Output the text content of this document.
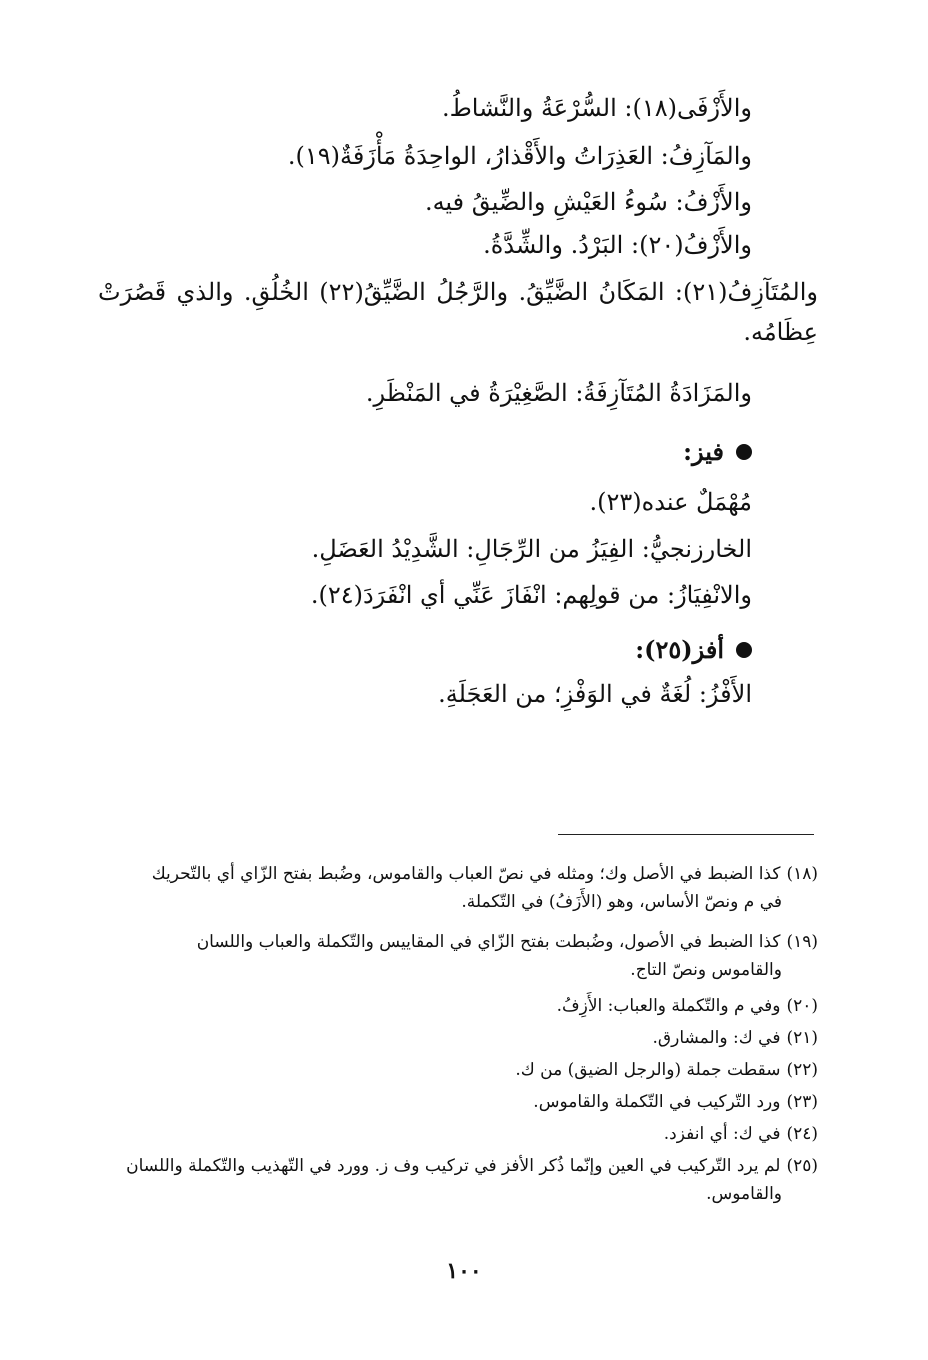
والأَزْفَى(١٨): السُّرْعَةُ والنَّشاطُ.
والمَآزِفُ: العَذِرَاتُ والأَقْذارُ، الواحِدَةُ مَأْزَفَةٌ(١٩).
والأَزْفُ: سُوءُ العَيْشِ والضِّيقُ فيه.
والأَزْفُ(٢٠): البَرْدُ. والشِّدَّةُ.
والمُتَآزِفُ(٢١): المَكَانُ الضَّيِّقُ. والرَّجُلُ الضَّيِّقُ(٢٢) الخُلُقِ. والذي قَصُرَتْ عِظَامُه.
والمَزَادَةُ المُتَآزِفَةُ: الصَّغِيْرَةُ في المَنْظَرِ.
فيز:
مُهْمَلٌ عنده(٢٣).
الخارزنجيُّ: الفِيَزُ من الرِّجَالِ: الشَّدِيْدُ العَضَلِ.
والانْفِيَازُ: من قولِهم: انْفَازَ عَنِّي أي انْفَرَدَ(٢٤).
أفز(٢٥):
الأَفْزُ: لُغَةٌ في الوَفْزِ؛ من العَجَلَةِ.
(١٨)كذا الضبط في الأصل وك؛ ومثله في نصّ العباب والقاموس، وضُبط بفتح الزّاي أي بالتّحريك
في م ونصّ الأساس، وهو (الأَزَفُ) في التّكملة.
(١٩)كذا الضبط في الأصول، وضُبطت بفتح الزّاي في المقاييس والتّكملة والعباب واللسان
والقاموس ونصّ التاج.
(٢٠)وفي م والتّكملة والعباب: الأَزِفُ.
(٢١)في ك: والمشارق.
(٢٢)سقطت جملة (والرجل الضيق) من ك.
(٢٣)ورد التّركيب في التّكملة والقاموس.
(٢٤)في ك: أي انفزد.
(٢٥)لم يرد التّركيب في العين وإنّما ذُكر الأفز في تركيب وف ز. وورد في التّهذيب والتّكملة واللسان
والقاموس.
١٠٠
